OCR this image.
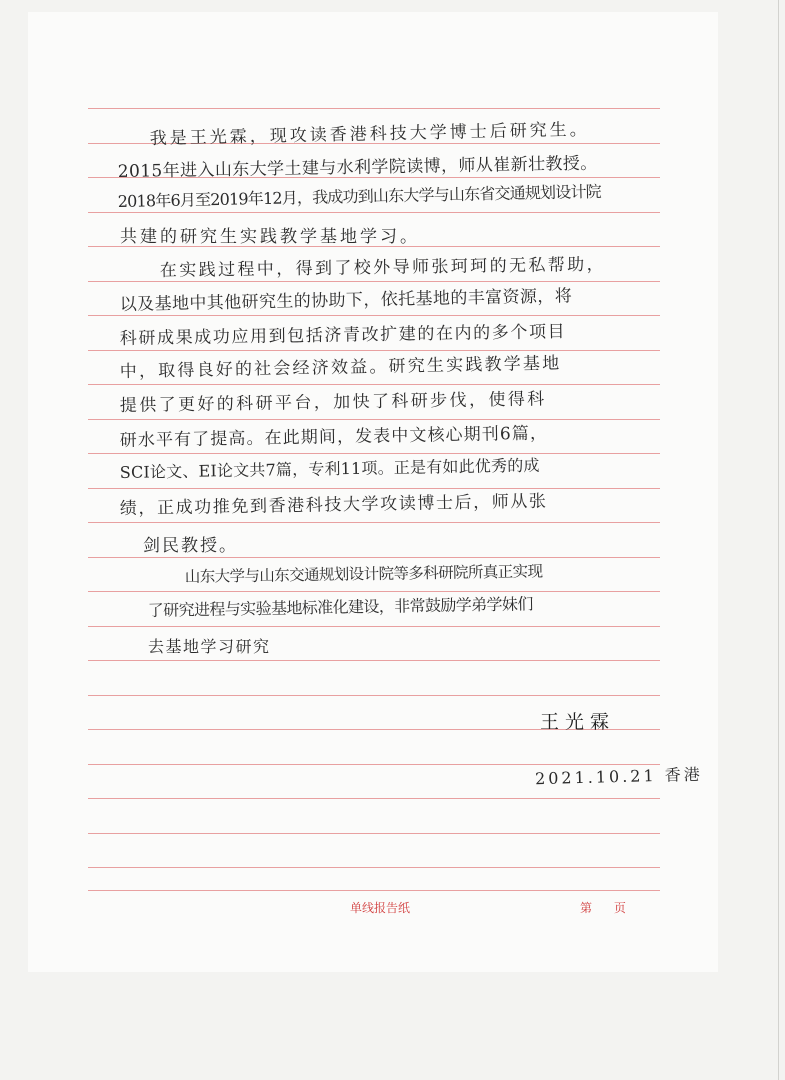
我是王光霖，现攻读香港科技大学博士后研究生。
2015年进入山东大学土建与水利学院读博，师从崔新壮教授。
2018年6月至2019年12月，我成功到山东大学与山东省交通规划设计院
共建的研究生实践教学基地学习。
在实践过程中，得到了校外导师张珂珂的无私帮助，
以及基地中其他研究生的协助下，依托基地的丰富资源，将
科研成果成功应用到包括济青改扩建的在内的多个项目
中，取得良好的社会经济效益。研究生实践教学基地
提供了更好的科研平台，加快了科研步伐，使得科
研水平有了提高。在此期间，发表中文核心期刊6篇，
SCI论文、EI论文共7篇，专利11项。正是有如此优秀的成
绩，正成功推免到香港科技大学攻读博士后，师从张
剑民教授。
山东大学与山东交通规划设计院等多科研院所真正实现
了研究进程与实验基地标准化建设，非常鼓励学弟学妹们
去基地学习研究
王光霖
2021.10.21 香港
单线报告纸	第 页
